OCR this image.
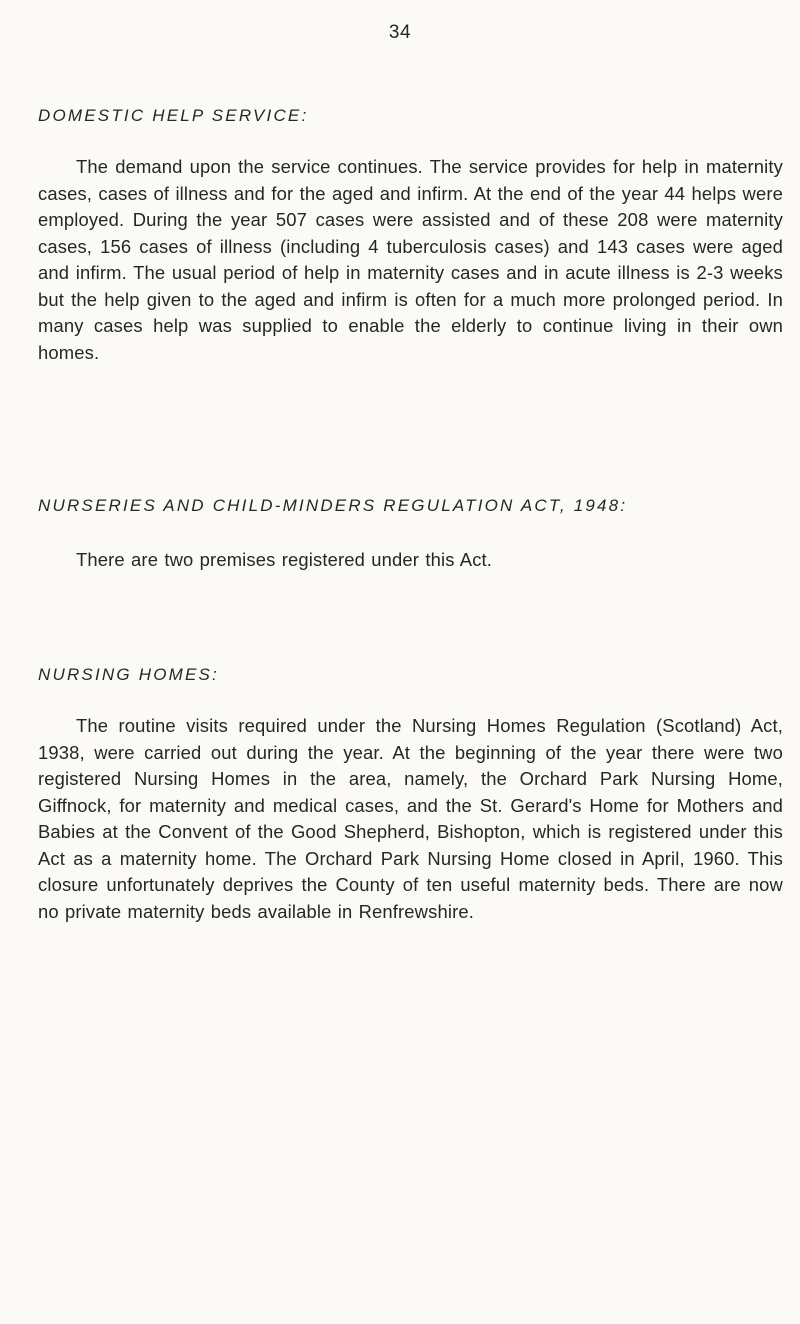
34
DOMESTIC HELP SERVICE:

The demand upon the service continues. The service provides for help in maternity cases, cases of illness and for the aged and infirm. At the end of the year 44 helps were employed. During the year 507 cases were assisted and of these 208 were maternity cases, 156 cases of illness (including 4 tuberculosis cases) and 143 cases were aged and infirm. The usual period of help in maternity cases and in acute illness is 2-3 weeks but the help given to the aged and infirm is often for a much more prolonged period. In many cases help was supplied to enable the elderly to continue living in their own homes.

NURSERIES AND CHILD-MINDERS REGULATION ACT, 1948:

There are two premises registered under this Act.

NURSING HOMES:

The routine visits required under the Nursing Homes Regulation (Scotland) Act, 1938, were carried out during the year. At the beginning of the year there were two registered Nursing Homes in the area, namely, the Orchard Park Nursing Home, Giffnock, for maternity and medical cases, and the St. Gerard's Home for Mothers and Babies at the Convent of the Good Shepherd, Bishopton, which is registered under this Act as a maternity home. The Orchard Park Nursing Home closed in April, 1960. This closure unfortunately deprives the County of ten useful maternity beds. There are now no private maternity beds available in Renfrewshire.
